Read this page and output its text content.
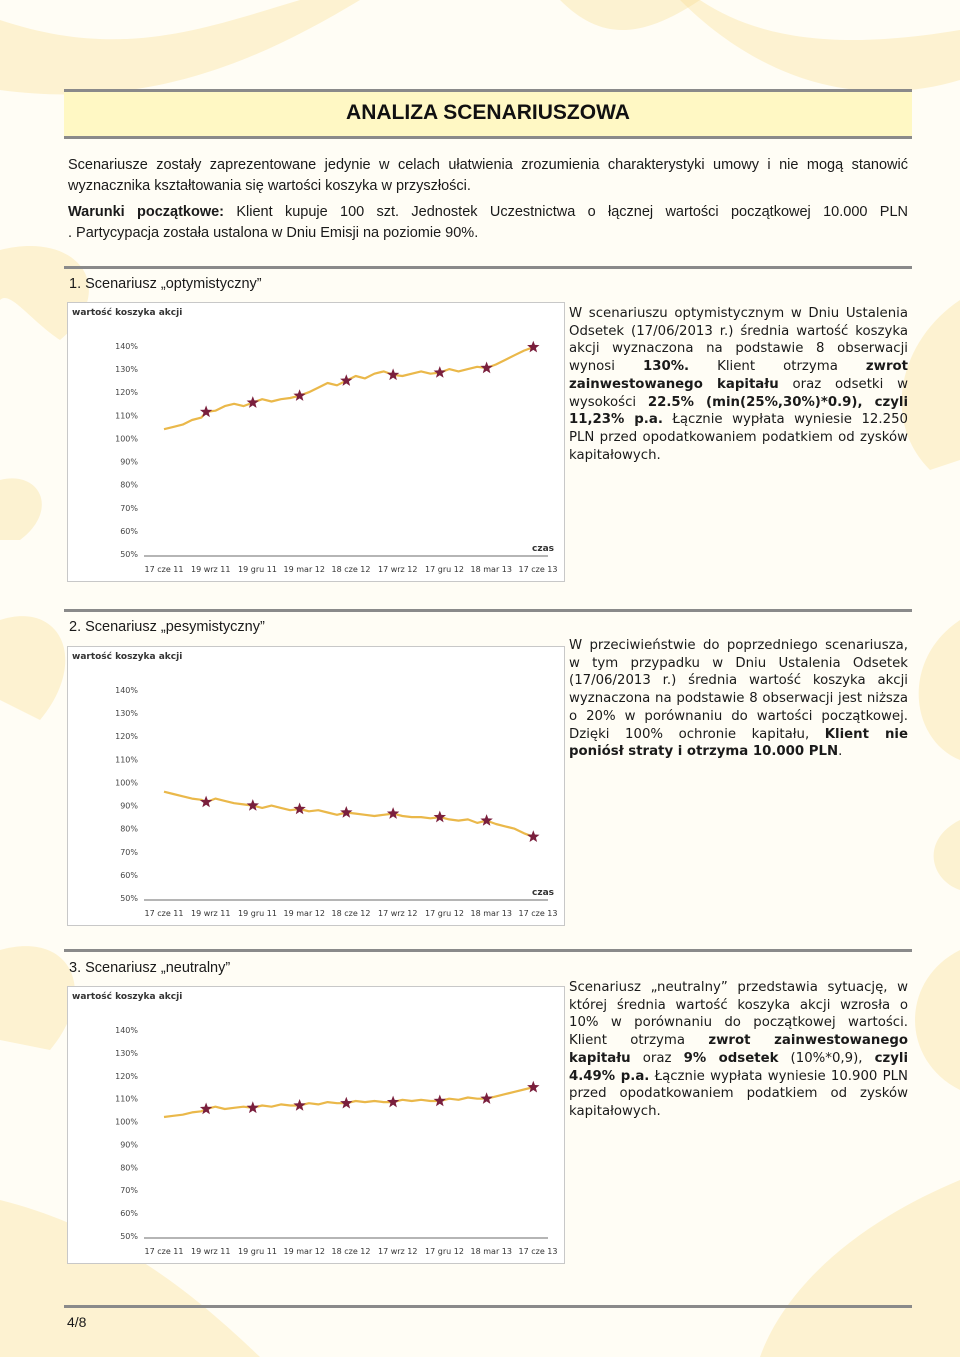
ANALIZA SCENARIUSZOWA

Scenariusze zostały zaprezentowane jedynie w celach ułatwienia zrozumienia charakterystyki umowy i nie mogą stanowić wyznacznika kształtowania się wartości koszyka w przyszłości.

Warunki początkowe: Klient kupuje 100 szt. Jednostek Uczestnictwa o łącznej wartości początkowej 10.000 PLN

. Partycypacja została ustalona w Dniu Emisji na poziomie 90%.

1. Scenariusz „optymistyczny”
wartość koszyka akcji
140%
130%
120%
110%
100%
90%
80%
70%
60%
50%
17 cze 11 19 wrz 11 19 gru 11 19 mar 12 18 cze 12 17 wrz 12 17 gru 12 18 mar 13 17 cze 13
czas

W scenariuszu optymistycznym w Dniu Ustalenia Odsetek (17/06/2013 r.) średnia wartość koszyka akcji wyznaczona na podstawie 8 obserwacji wynosi 130%. Klient otrzyma zwrot zainwestowanego kapitału oraz odsetki w wysokości 22.5% (min(25%,30%)*0.9), czyli 11,23% p.a. Łącznie wypłata wyniesie 12.250 PLN przed opodatkowaniem podatkiem od zysków kapitałowych.

2. Scenariusz „pesymistyczny”
wartość koszyka akcji
140%
130%
120%
110%
100%
90%
80%
70%
60%
50%
17 cze 11 19 wrz 11 19 gru 11 19 mar 12 18 cze 12 17 wrz 12 17 gru 12 18 mar 13 17 cze 13
czas

W przeciwieństwie do poprzedniego scenariusza, w tym przypadku w Dniu Ustalenia Odsetek (17/06/2013 r.) średnia wartość koszyka akcji wyznaczona na podstawie 8 obserwacji jest niższa o 20% w porównaniu do wartości początkowej. Dzięki 100% ochronie kapitału, Klient nie poniósł straty i otrzyma 10.000 PLN.

3. Scenariusz „neutralny”
wartość koszyka akcji
140%
130%
120%
110%
100%
90%
80%
70%
60%
50%
17 cze 11 19 wrz 11 19 gru 11 19 mar 12 18 cze 12 17 wrz 12 17 gru 12 18 mar 13 17 cze 13

Scenariusz „neutralny” przedstawia sytuację, w której średnia wartość koszyka akcji wzrosła o 10% w porównaniu do początkowej wartości. Klient otrzyma zwrot zainwestowanego kapitału oraz 9% odsetek (10%*0,9), czyli 4.49% p.a. Łącznie wypłata wyniesie 10.900 PLN przed opodatkowaniem podatkiem od zysków kapitałowych.

4/8
